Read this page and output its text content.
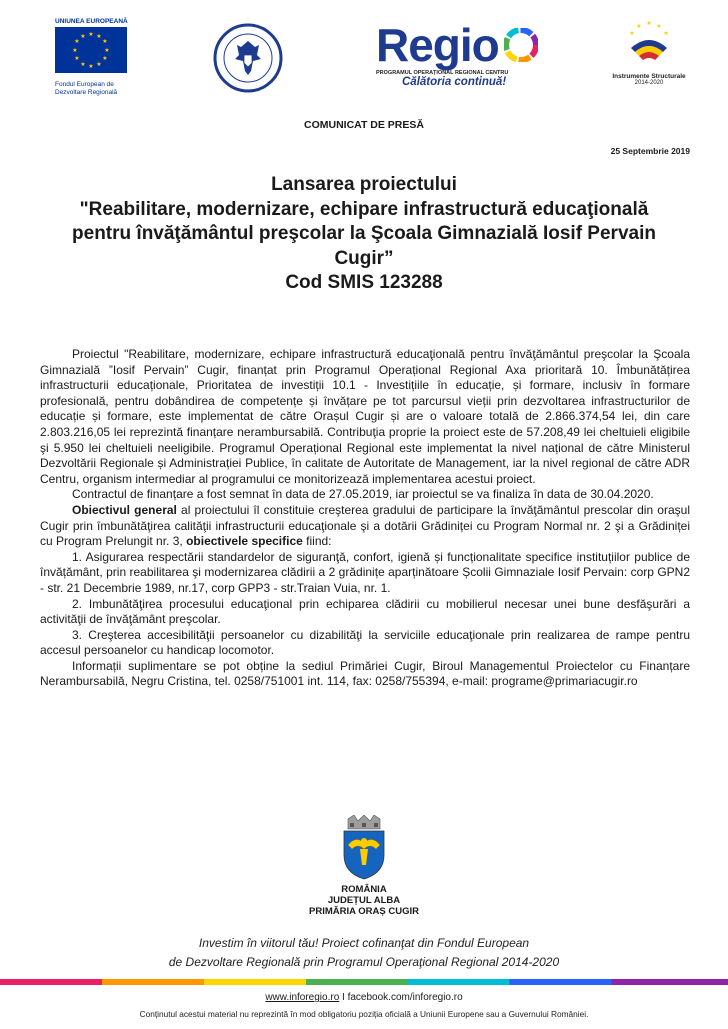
UNIUNEA EUROPEANĂ
★ ★
★
★
★
★
★
★
★
★
★
★
Fondul European de
Dezvoltare Regională
Regio
PROGRAMUL OPERAȚIONAL REGIONAL CENTRU
Călătoria continuă!
★ ★
★
★
★
Instrumente Structurale
2014-2020
COMUNICAT DE PRESĂ
25 Septembrie 2019
Lansarea proiectului
"Reabilitare, modernizare, echipare infrastructură educaţională
pentru învăţământul preşcolar la Şcoala Gimnazială Iosif Pervain
Cugir”
Cod SMIS 123288

Proiectul "Reabilitare, modernizare, echipare infrastructură educaţională pentru învăţământul preşcolar la Şcoala Gimnazială ”Iosif Pervain” Cugir, finanțat prin Programul Operațional Regional Axa prioritară 10. Îmbunătățirea infrastructurii educaționale, Prioritatea de investiții 10.1 - Investițiile în educație, și formare, inclusiv în formare profesională, pentru dobândirea de competențe și învățare pe tot parcursul vieții prin dezvoltarea infrastructurilor de educație și formare, este implementat de către Orașul Cugir și are o valoare totală de 2.866.374,54 lei, din care 2.803.216,05 lei reprezintă finanțare nerambursabilă. Contribuţia proprie la proiect este de 57.208,49 lei cheltuieli eligibile şi 5.950 lei cheltuieli neeligibile. Programul Operațional Regional este implementat la nivel național de către Ministerul Dezvoltării Regionale și Administrației Publice, în calitate de Autoritate de Management, iar la nivel regional de către ADR Centru, organism intermediar al programului ce monitorizează implementarea acestui proiect.

Contractul de finanțare a fost semnat în data de 27.05.2019, iar proiectul se va finaliza în data de 30.04.2020.

Obiectivul general al proiectului îl constituie creşterea gradului de participare la învăţământul prescolar din oraşul Cugir prin îmbunătăţirea calităţii infrastructurii educaţionale şi a dotării Grădiniței cu Program Normal nr. 2 şi a Grădiniței cu Program Prelungit nr. 3, obiectivele specifice fiind:

1. Asigurarea respectării standardelor de siguranţă, confort, igienă și funcționalitate specifice instituțiilor publice de învățământ, prin reabilitarea şi modernizarea clădirii a 2 grădinițe aparținătoare Școlii Gimnaziale Iosif Pervain: corp GPN2 - str. 21 Decembrie 1989, nr.17, corp GPP3 - str.Traian Vuia, nr. 1.

2. Imbunătăţirea procesului educaţional prin echiparea clădirii cu mobilierul necesar unei bune desfăşurări a activităţii de învăţământ preşcolar.

3. Creşterea accesibilităţii persoanelor cu dizabilităţi la serviciile educaţionale prin realizarea de rampe pentru accesul persoanelor cu handicap locomotor.

Informații suplimentare se pot obține la sediul Primăriei Cugir, Biroul Managementul Proiectelor cu Finanțare Nerambursabilă, Negru Cristina, tel. 0258/751001 int. 114, fax: 0258/755394, e-mail: programe@primariacugir.ro

ROMÂNIA
JUDEȚUL ALBA
PRIMĂRIA ORAȘ CUGIR
Investim în viitorul tău! Proiect cofinanţat din Fondul European
de Dezvoltare Regională prin Programul Operaţional Regional 2014-2020
www.inforegio.ro I facebook.com/inforegio.ro
Conținutul acestui material nu reprezintă în mod obligatoriu poziția oficială a Uniunii Europene sau a Guvernului României.
